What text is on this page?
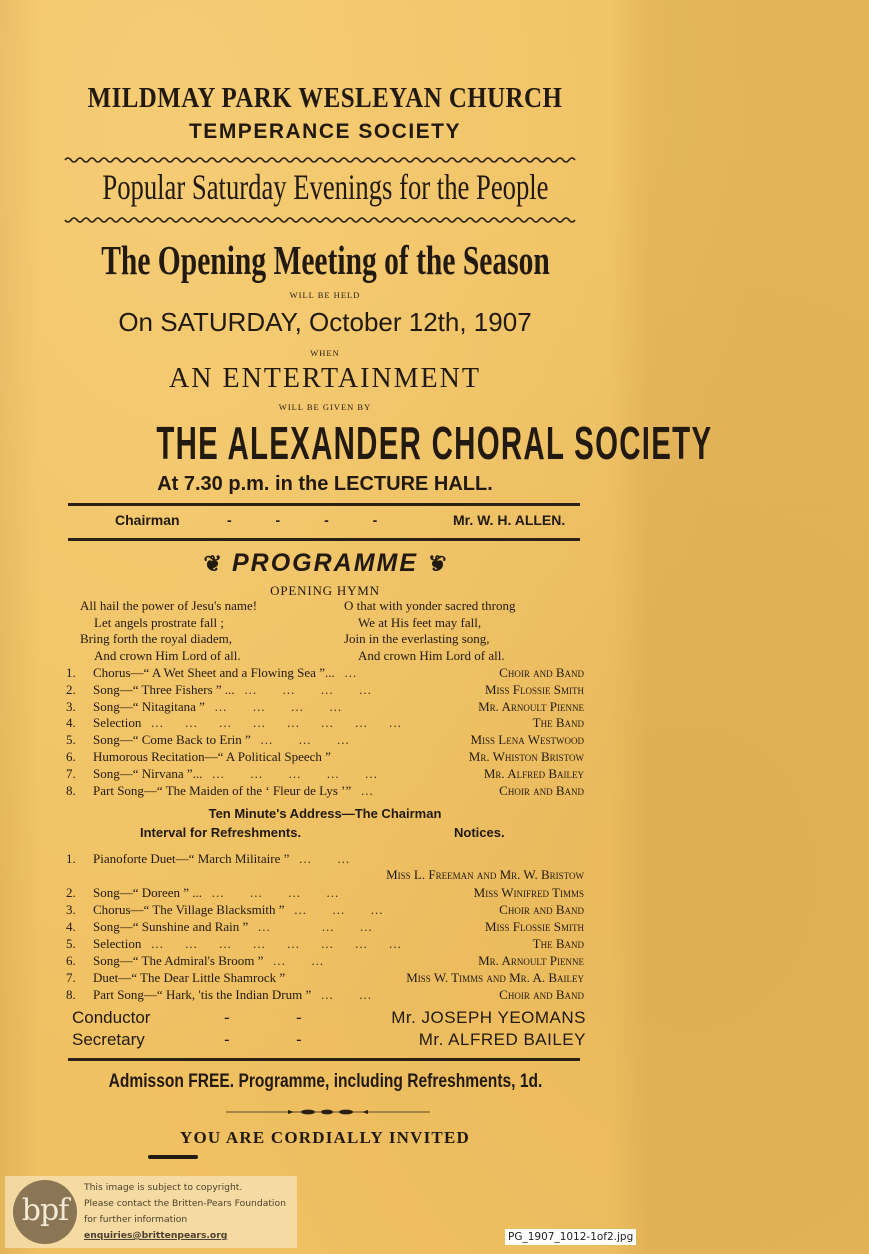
MILDMAY PARK WESLEYAN CHURCH
TEMPERANCE SOCIETY
Popular Saturday Evenings for the People
The Opening Meeting of the Season
WILL BE HELD
On SATURDAY, October 12th, 1907
WHEN
AN ENTERTAINMENT
WILL BE GIVEN BY
THE ALEXANDER CHORAL SOCIETY
At 7.30 p.m. in the LECTURE HALL.
Chairman	- - - -	Mr. W. H. ALLEN.
❦ PROGRAMME ❦
OPENING HYMN
All hail the power of Jesu's name!
Let angels prostrate fall ;
Bring forth the royal diadem,
And crown Him Lord of all.
O that with yonder sacred throng
We at His feet may fall,
Join in the everlasting song,
And crown Him Lord of all.
1. Chorus—“ A Wet Sheet and a Flowing Sea ”...   ...	Choir and Band
2. Song—“ Three Fishers ” ...   ...      ...      ...      ...	Miss Flossie Smith
3. Song—“ Nitagitana ”   ...      ...      ...      ...	Mr. Arnoult Pienne
4. Selection   ...     ...     ...     ...     ...     ...     ...     ...	The Band
5. Song—“ Come Back to Erin ”   ...      ...      ...	Miss Lena Westwood
6. Humorous Recitation—“ A Political Speech ”	Mr. Whiston Bristow
7. Song—“ Nirvana ”...   ...      ...      ...      ...      ...	Mr. Alfred Bailey
8. Part Song—“ The Maiden of the ‘ Fleur de Lys ’”   ...	Choir and Band
Ten Minute's Address—The Chairman
Interval for Refreshments.	Notices.
1. Pianoforte Duet—“ March Militaire ”   ...      ...
Miss L. Freeman and Mr. W. Bristow
2. Song—“ Doreen ” ...   ...      ...      ...      ...	Miss Winifred Timms
3. Chorus—“ The Village Blacksmith ”   ...      ...      ...	Choir and Band
4. Song—“ Sunshine and Rain ”   ...            ...      ...	Miss Flossie Smith
5. Selection   ...     ...     ...     ...     ...     ...     ...     ...	The Band
6. Song—“ The Admiral's Broom ”   ...      ...	Mr. Arnoult Pienne
7. Duet—“ The Dear Little Shamrock ”	Miss W. Timms and Mr. A. Bailey
8. Part Song—“ Hark, 'tis the Indian Drum ”   ...      ...	Choir and Band
Conductor	-	-	Mr. JOSEPH YEOMANS
Secretary	-	-	Mr. ALFRED BAILEY
Admisson FREE. Programme, including Refreshments, 1d.
YOU ARE CORDIALLY INVITED
bpf
This image is subject to copyright.
Please contact the Britten-Pears Foundation
for further information
enquiries@brittenpears.org	PG_1907_1012-1of2.jpg
